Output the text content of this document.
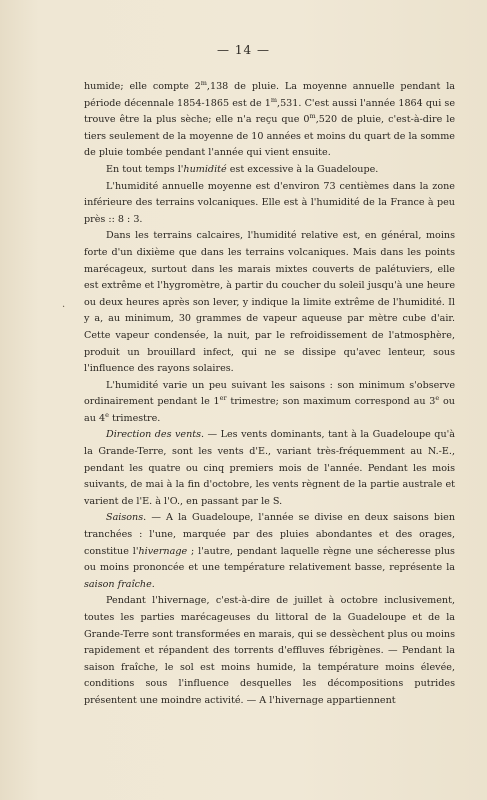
— 14 —
·

humide; elle compte 2$^m$,138 de pluie. La moyenne annuelle pendant la période décennale 1854-1865 est de 1$^m$,531. C'est aussi l'année 1864 qui se trouve être la plus sèche; elle n'a reçu que 0$^m$,520 de pluie, c'est-à-dire le tiers seulement de la moyenne de 10 années et moins du quart de la somme de pluie tombée pendant l'année qui vient ensuite.

En tout temps l'humidité est excessive à la Guadeloupe.

L'humidité annuelle moyenne est d'environ 73 centièmes dans la zone inférieure des terrains volcaniques. Elle est à l'humidité de la France à peu près :: 8 : 3.

Dans les terrains calcaires, l'humidité relative est, en général, moins forte d'un dixième que dans les terrains volcaniques. Mais dans les points marécageux, surtout dans les marais mixtes couverts de palétuviers, elle est extrême et l'hygromètre, à partir du coucher du soleil jusqu'à une heure ou deux heures après son lever, y indique la limite extrême de l'humidité. Il y a, au minimum, 30 grammes de vapeur aqueuse par mètre cube d'air. Cette vapeur condensée, la nuit, par le refroidissement de l'atmosphère, produit un brouillard infect, qui ne se dissipe qu'avec lenteur, sous l'influence des rayons solaires.

L'humidité varie un peu suivant les saisons : son minimum s'observe ordinairement pendant le 1er trimestre; son maximum correspond au 3e ou au 4e trimestre.

Direction des vents. — Les vents dominants, tant à la Guadeloupe qu'à la Grande-Terre, sont les vents d'E., variant très-fréquemment au N.-E., pendant les quatre ou cinq premiers mois de l'année. Pendant les mois suivants, de mai à la fin d'octobre, les vents règnent de la partie australe et varient de l'E. à l'O., en passant par le S.

Saisons. — A la Guadeloupe, l'année se divise en deux saisons bien tranchées : l'une, marquée par des pluies abondantes et des orages, constitue l'hivernage ; l'autre, pendant laquelle règne une sécheresse plus ou moins prononcée et une température relativement basse, représente la saison fraîche.

Pendant l'hivernage, c'est-à-dire de juillet à octobre inclusivement, toutes les parties marécageuses du littoral de la Guadeloupe et de la Grande-Terre sont transformées en marais, qui se dessèchent plus ou moins rapidement et répandent des torrents d'effluves fébrigènes. — Pendant la saison fraîche, le sol est moins humide, la température moins élevée, conditions sous l'influence desquelles les décompositions putrides présentent une moindre activité. — A l'hivernage appartiennent
